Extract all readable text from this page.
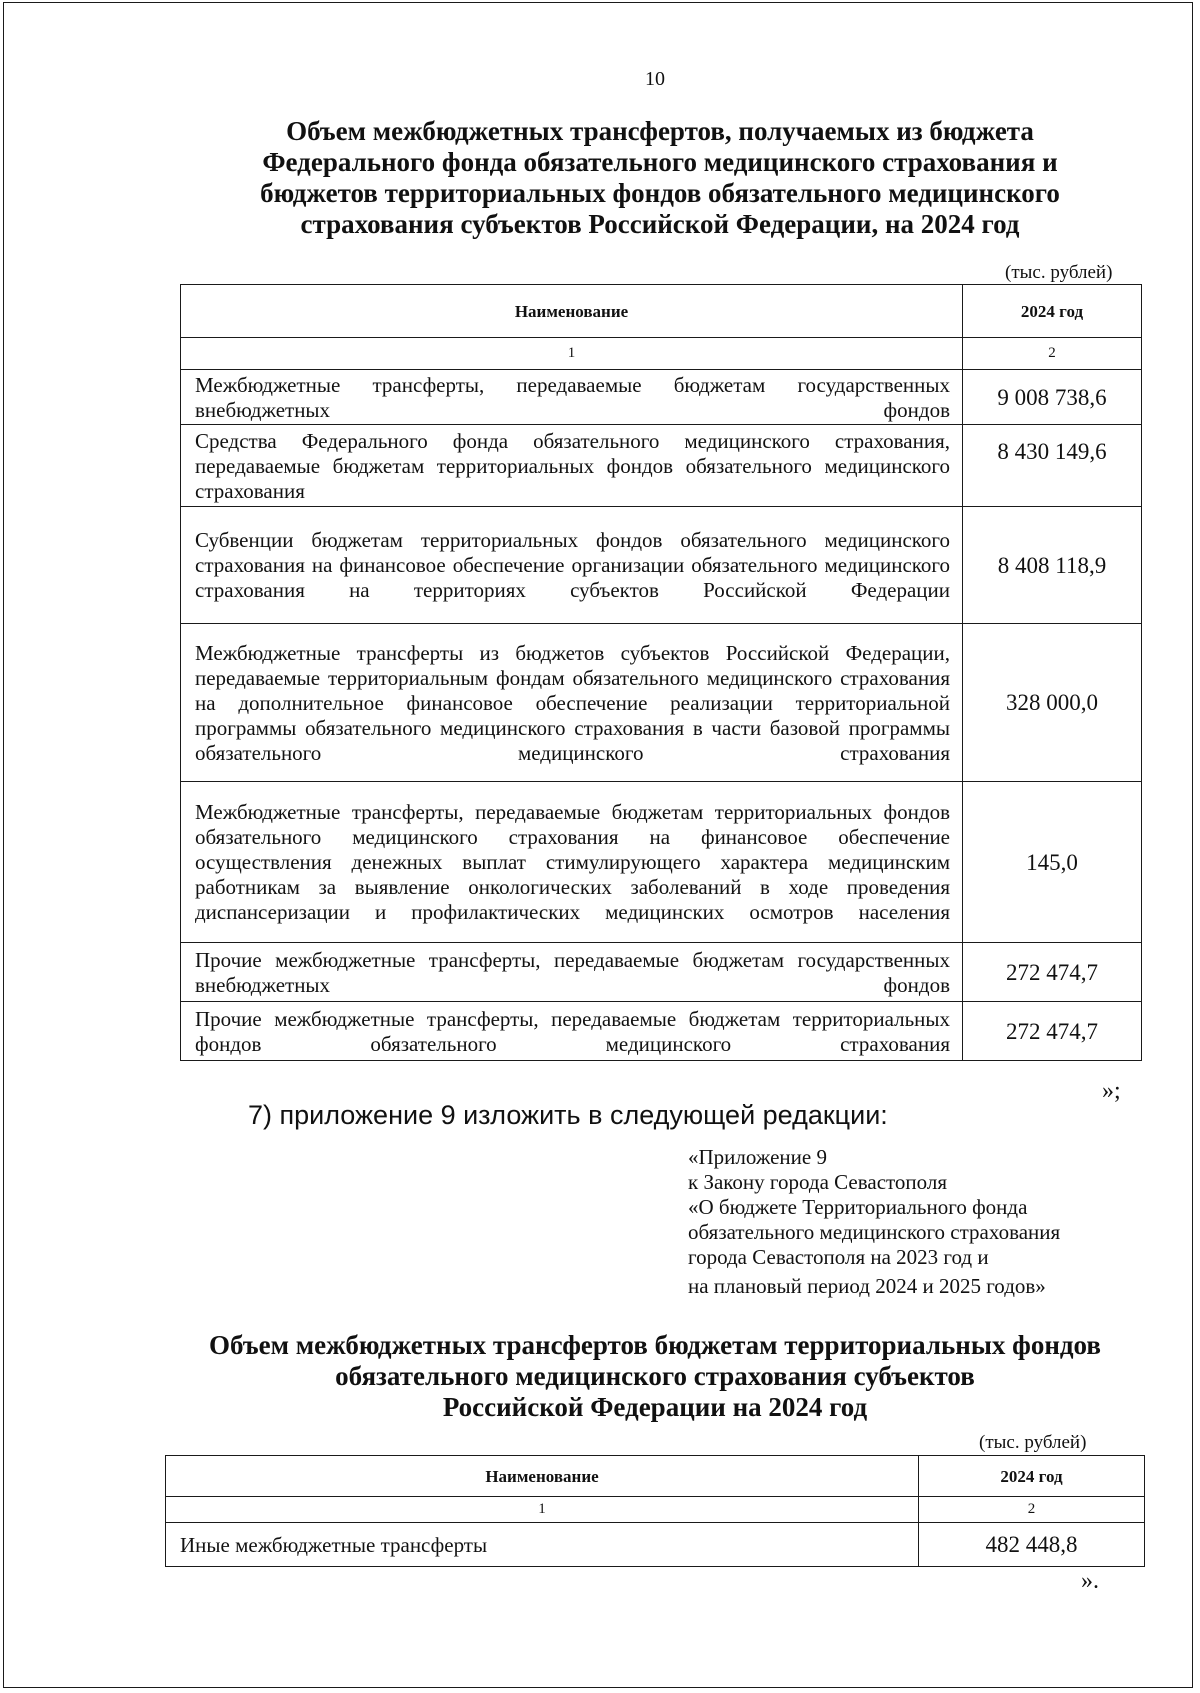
10
Объем межбюджетных трансфертов, получаемых из бюджета
Федерального фонда обязательного медицинского страхования и
бюджетов территориальных фондов обязательного медицинского
страхования субъектов Российской Федерации, на 2024 год
(тыс. рублей)
Наименование	2024 год
1	2
Межбюджетные трансферты, передаваемые бюджетам государственных внебюджетных фондов	9 008 738,6
Средства Федерального фонда обязательного медицинского страхования, передаваемые бюджетам территориальных фондов обязательного медицинского страхования	8 430 149,6
Субвенции бюджетам территориальных фондов обязательного медицинского страхования на финансовое обеспечение организации обязательного медицинского страхования на территориях субъектов Российской Федерации	8 408 118,9
Межбюджетные трансферты из бюджетов субъектов Российской Федерации, передаваемые территориальным фондам обязательного медицинского страхования на дополнительное финансовое обеспечение реализации территориальной программы обязательного медицинского страхования в части базовой программы обязательного медицинского страхования	328 000,0
Межбюджетные трансферты, передаваемые бюджетам территориальных фондов обязательного медицинского страхования на финансовое обеспечение осуществления денежных выплат стимулирующего характера медицинским работникам за выявление онкологических заболеваний в ходе проведения диспансеризации и профилактических медицинских осмотров населения	145,0
Прочие межбюджетные трансферты, передаваемые бюджетам государственных внебюджетных фондов	272 474,7
Прочие межбюджетные трансферты, передаваемые бюджетам территориальных фондов обязательного медицинского страхования	272 474,7
»;
7) приложение 9 изложить в следующей редакции:
«Приложение 9
к Закону города Севастополя
«О бюджете Территориального фонда
обязательного медицинского страхования
города Севастополя на 2023 год и
на плановый период 2024 и 2025 годов»
Объем межбюджетных трансфертов бюджетам территориальных фондов
обязательного медицинского страхования субъектов
Российской Федерации на 2024 год
(тыс. рублей)
Наименование	2024 год
1	2
Иные межбюджетные трансферты	482 448,8
».
